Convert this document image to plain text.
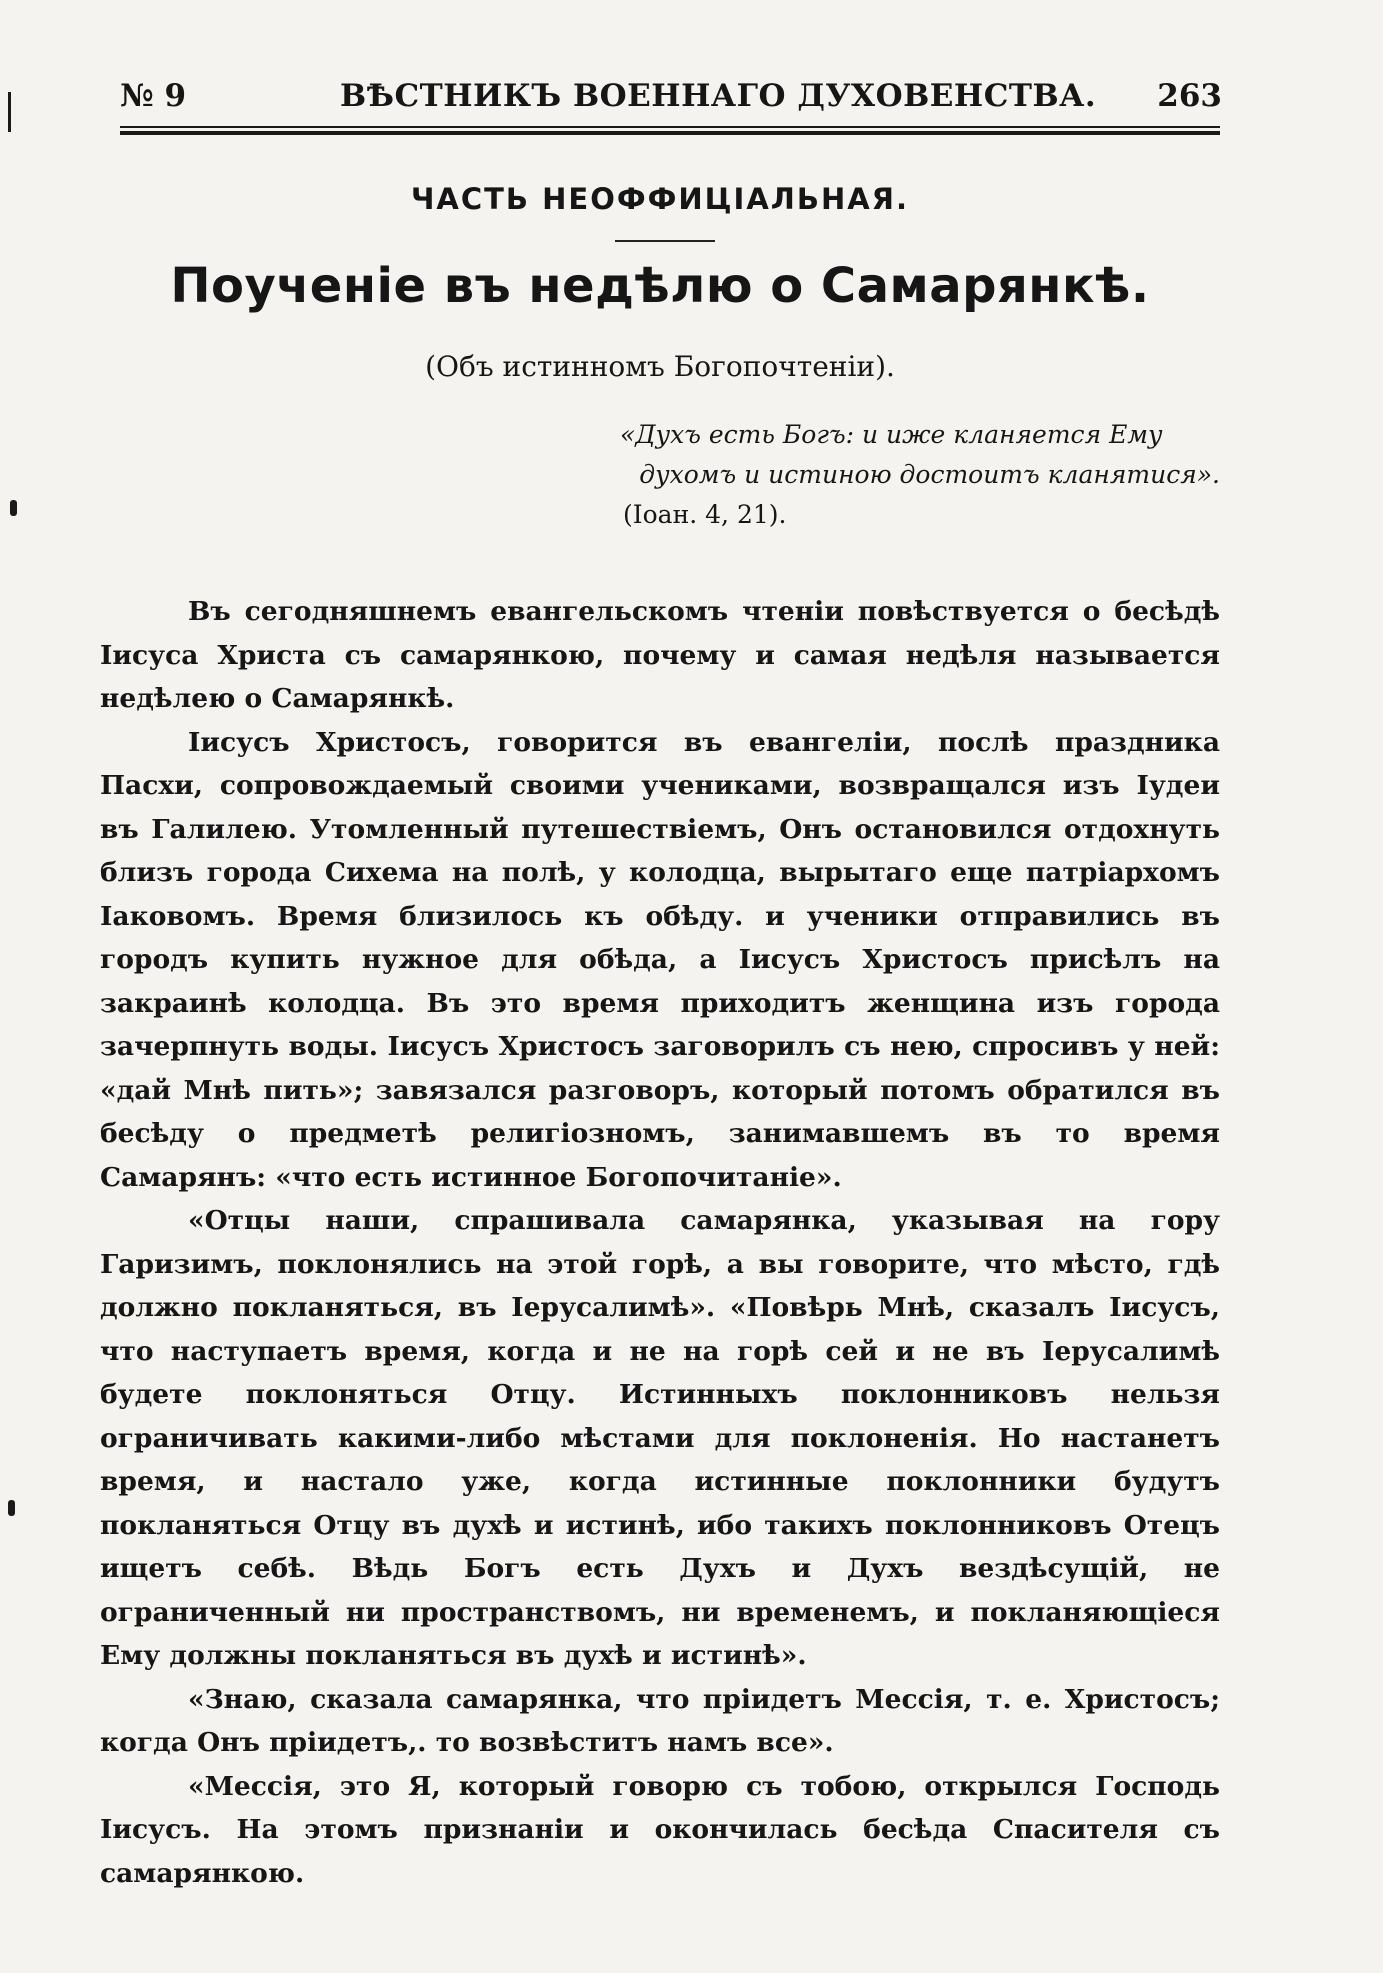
№ 9	ВѢСТНИКЪ ВОЕННАГО ДУХОВЕНСТВА. 263
ЧАСТЬ НЕОФФИЦІАЛЬНАЯ.
Поученіе въ недѣлю о Самарянкѣ.
(Объ истинномъ Богопочтеніи).
«Духъ есть Богъ: и иже кланяется Ему
духомъ и истиною достоитъ кланятися».
(Іоан. 4, 21).

Въ сегодняшнемъ евангельскомъ чтеніи повѣствуется о бесѣдѣ Іисуса Христа съ самарянкою, почему и самая недѣля называется недѣлею о Самарянкѣ.

Іисусъ Христосъ, говорится въ евангеліи, послѣ праздника Пасхи, сопровождаемый своими учениками, возвращался изъ Іудеи въ Галилею. Утомленный путешествіемъ, Онъ остановился отдохнуть близъ города Сихема на полѣ, у колодца, вырытаго еще патріархомъ Іаковомъ. Время близилось къ обѣду. и ученики отправились въ городъ купить нужное для обѣда, а Іисусъ Христосъ присѣлъ на закраинѣ колодца. Въ это время приходитъ женщина изъ города зачерпнуть воды. Іисусъ Христосъ заговорилъ съ нею, спросивъ у ней: «дай Мнѣ пить»; завязался разговоръ, который потомъ обратился въ бесѣду о предметѣ религіозномъ, занимавшемъ въ то время Самарянъ: «что есть истинное Богопочитаніе».

«Отцы наши, спрашивала самарянка, указывая на гору Гаризимъ, поклонялись на этой горѣ, а вы говорите, что мѣсто, гдѣ должно покланяться, въ Іерусалимѣ». «Повѣрь Мнѣ, сказалъ Іисусъ, что наступаетъ время, когда и не на горѣ сей и не въ Іерусалимѣ будете поклоняться Отцу. Истинныхъ поклонниковъ нельзя ограничивать какими-либо мѣстами для поклоненія. Но настанетъ время, и настало уже, когда истинные поклонники будутъ покланяться Отцу въ духѣ и истинѣ, ибо такихъ поклонниковъ Отецъ ищетъ себѣ. Вѣдь Богъ есть Духъ и Духъ вездѣсущій, не ограниченный ни пространствомъ, ни временемъ, и покланяющіеся Ему должны покланяться въ духѣ и истинѣ».

«Знаю, сказала самарянка, что пріидетъ Мессія, т. е. Христосъ; когда Онъ пріидетъ,. то возвѣститъ намъ все».

«Мессія, это Я, который говорю съ тобою, открылся Господь Іисусъ. На этомъ признаніи и окончилась бесѣда Спасителя съ самарянкою.
